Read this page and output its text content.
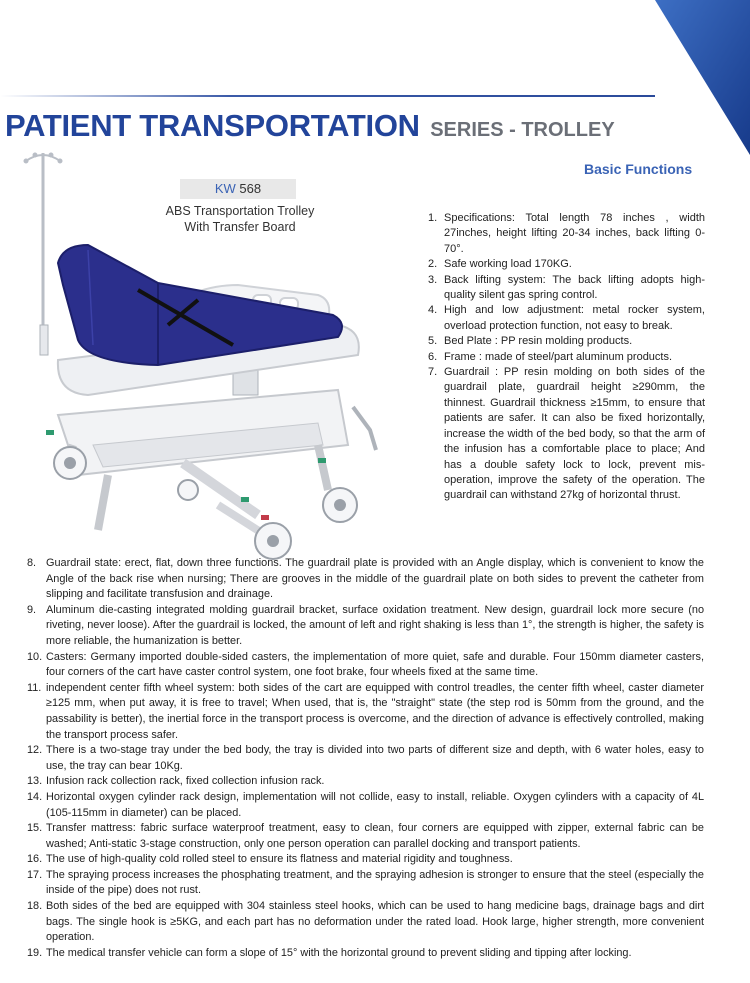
PATIENT TRANSPORTATION SERIES - TROLLEY
Basic Functions
KW 568
ABS Transportation Trolley
With Transfer Board
1. Specifications: Total length 78 inches , width 27inches, height lifting 20-34 inches, back lifting 0-70°.
2. Safe working load 170KG.
3. Back lifting system: The back lifting adopts high-quality silent gas spring control.
4. High and low adjustment: metal rocker system, overload protection function, not easy to break.
5. Bed Plate : PP resin molding products.
6. Frame : made of steel/part aluminum products.
7. Guardrail : PP resin molding on both sides of the guardrail plate, guardrail height ≥290mm, the thinnest. Guardrail thickness ≥15mm, to ensure that patients are safer. It can also be fixed horizontally, increase the width of the bed body, so that the arm of the infusion has a comfortable place to place; And has a double safety lock to lock, prevent mis-operation, improve the safety of the operation. The guardrail can withstand 27kg of horizontal thrust.
8. Guardrail state: erect, flat, down three functions. The guardrail plate is provided with an Angle display, which is convenient to know the Angle of the back rise when nursing; There are grooves in the middle of the guardrail plate on both sides to prevent the catheter from slipping and facilitate transfusion and drainage.
9. Aluminum die-casting integrated molding guardrail bracket, surface oxidation treatment. New design, guardrail lock more secure (no riveting, never loose). After the guardrail is locked, the amount of left and right shaking is less than 1°, the strength is higher, the safety is more reliable, the humanization is better.
10. Casters: Germany imported double-sided casters, the implementation of more quiet, safe and durable. Four 150mm diameter casters, four corners of the cart have caster control system, one foot brake, four wheels fixed at the same time.
11. independent center fifth wheel system: both sides of the cart are equipped with control treadles, the center fifth wheel, caster diameter ≥125 mm, when put away, it is free to travel; When used, that is, the "straight" state (the step rod is 50mm from the ground, and the passability is better), the inertial force in the transport process is overcome, and the direction of advance is effectively controlled, making the transport process safer.
12. There is a two-stage tray under the bed body, the tray is divided into two parts of different size and depth, with 6 water holes, easy to use, the tray can bear 10Kg.
13. Infusion rack collection rack, fixed collection infusion rack.
14. Horizontal oxygen cylinder rack design, implementation will not collide, easy to install, reliable. Oxygen cylinders with a capacity of 4L (105-115mm in diameter) can be placed.
15. Transfer mattress: fabric surface waterproof treatment, easy to clean, four corners are equipped with zipper, external fabric can be washed; Anti-static 3-stage construction, only one person operation can parallel docking and transport patients.
16. The use of high-quality cold rolled steel to ensure its flatness and material rigidity and toughness.
17. The spraying process increases the phosphating treatment, and the spraying adhesion is stronger to ensure that the steel (especially the inside of the pipe) does not rust.
18. Both sides of the bed are equipped with 304 stainless steel hooks, which can be used to hang medicine bags, drainage bags and dirt bags. The single hook is ≥5KG, and each part has no deformation under the rated load. Hook large, higher strength, more convenient operation.
19. The medical transfer vehicle can form a slope of 15° with the horizontal ground to prevent sliding and tipping after locking.
